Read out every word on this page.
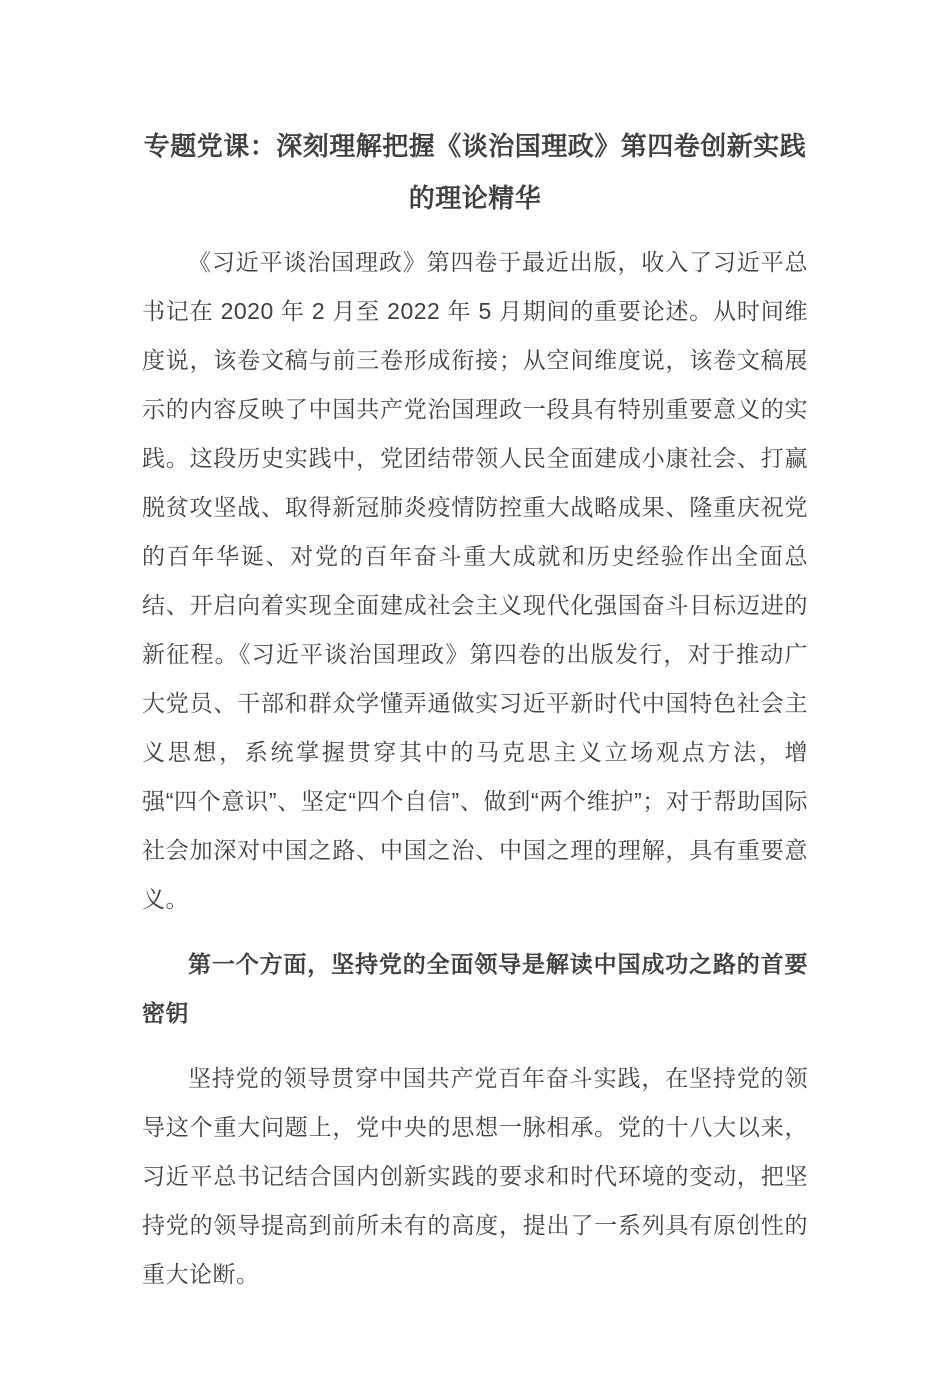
专题党课：深刻理解把握《谈治国理政》第四卷创新实践的理论精华

《习近平谈治国理政》第四卷于最近出版，收入了习近平总书记在 2020 年 2 月至 2022 年 5 月期间的重要论述。从时间维度说，该卷文稿与前三卷形成衔接；从空间维度说，该卷文稿展示的内容反映了中国共产党治国理政一段具有特别重要意义的实践。这段历史实践中，党团结带领人民全面建成小康社会、打赢脱贫攻坚战、取得新冠肺炎疫情防控重大战略成果、隆重庆祝党的百年华诞、对党的百年奋斗重大成就和历史经验作出全面总结、开启向着实现全面建成社会主义现代化强国奋斗目标迈进的新征程。《习近平谈治国理政》第四卷的出版发行，对于推动广大党员、干部和群众学懂弄通做实习近平新时代中国特色社会主义思想，系统掌握贯穿其中的马克思主义立场观点方法，增强“四个意识”、坚定“四个自信”、做到“两个维护”；对于帮助国际社会加深对中国之路、中国之治、中国之理的理解，具有重要意义。

第一个方面，坚持党的全面领导是解读中国成功之路的首要密钥

坚持党的领导贯穿中国共产党百年奋斗实践，在坚持党的领导这个重大问题上，党中央的思想一脉相承。党的十八大以来，习近平总书记结合国内创新实践的要求和时代环境的变动，把坚持党的领导提高到前所未有的高度，提出了一系列具有原创性的重大论断。
